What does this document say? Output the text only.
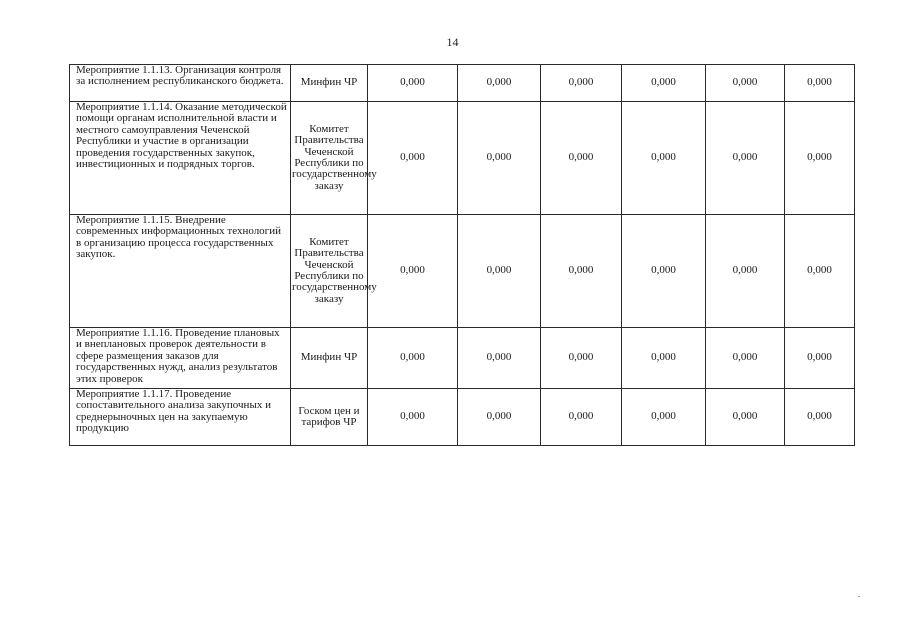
14
Мероприятие 1.1.13. Организация контроля за исполнением республиканского бюджета.	Минфин ЧР	0,000	0,000	0,000	0,000	0,000	0,000
Мероприятие 1.1.14. Оказание методической помощи органам исполнительной власти и местного самоуправления Чеченской Республики и участие в организации проведения государственных закупок, инвестиционных и подрядных торгов.	Комитет Правительства Чеченской Республики по государственному заказу	0,000	0,000	0,000	0,000	0,000	0,000
Мероприятие 1.1.15. Внедрение современных информационных технологий в организацию процесса государственных закупок.	Комитет Правительства Чеченской Республики по государственному заказу	0,000	0,000	0,000	0,000	0,000	0,000
Мероприятие 1.1.16. Проведение плановых и внеплановых проверок деятельности в сфере размещения заказов для государственных нужд, анализ результатов этих проверок	Минфин ЧР	0,000	0,000	0,000	0,000	0,000	0,000
Мероприятие 1.1.17. Проведение сопоставительного анализа закупочных и среднерыночных цен на закупаемую продукцию	Госком цен и тарифов ЧР	0,000	0,000	0,000	0,000	0,000	0,000
